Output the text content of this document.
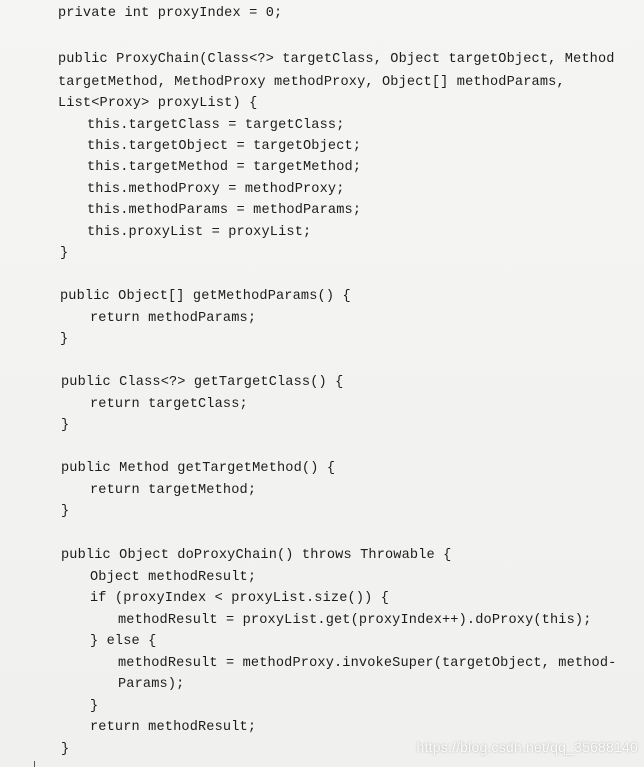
private int proxyIndex = 0;
public ProxyChain(Class<?> targetClass, Object targetObject, Method
targetMethod, MethodProxy methodProxy, Object[] methodParams,
List<Proxy> proxyList) {
this.targetClass = targetClass;
this.targetObject = targetObject;
this.targetMethod = targetMethod;
this.methodProxy = methodProxy;
this.methodParams = methodParams;
this.proxyList = proxyList;
}
public Object[] getMethodParams() {
return methodParams;
}
public Class<?> getTargetClass() {
return targetClass;
}
public Method getTargetMethod() {
return targetMethod;
}
public Object doProxyChain() throws Throwable {
Object methodResult;
if (proxyIndex < proxyList.size()) {
methodResult = proxyList.get(proxyIndex++).doProxy(this);
} else {
methodResult = methodProxy.invokeSuper(targetObject, method-
Params);
}
return methodResult;
}	https://blog.csdn.net/qq_35688140
